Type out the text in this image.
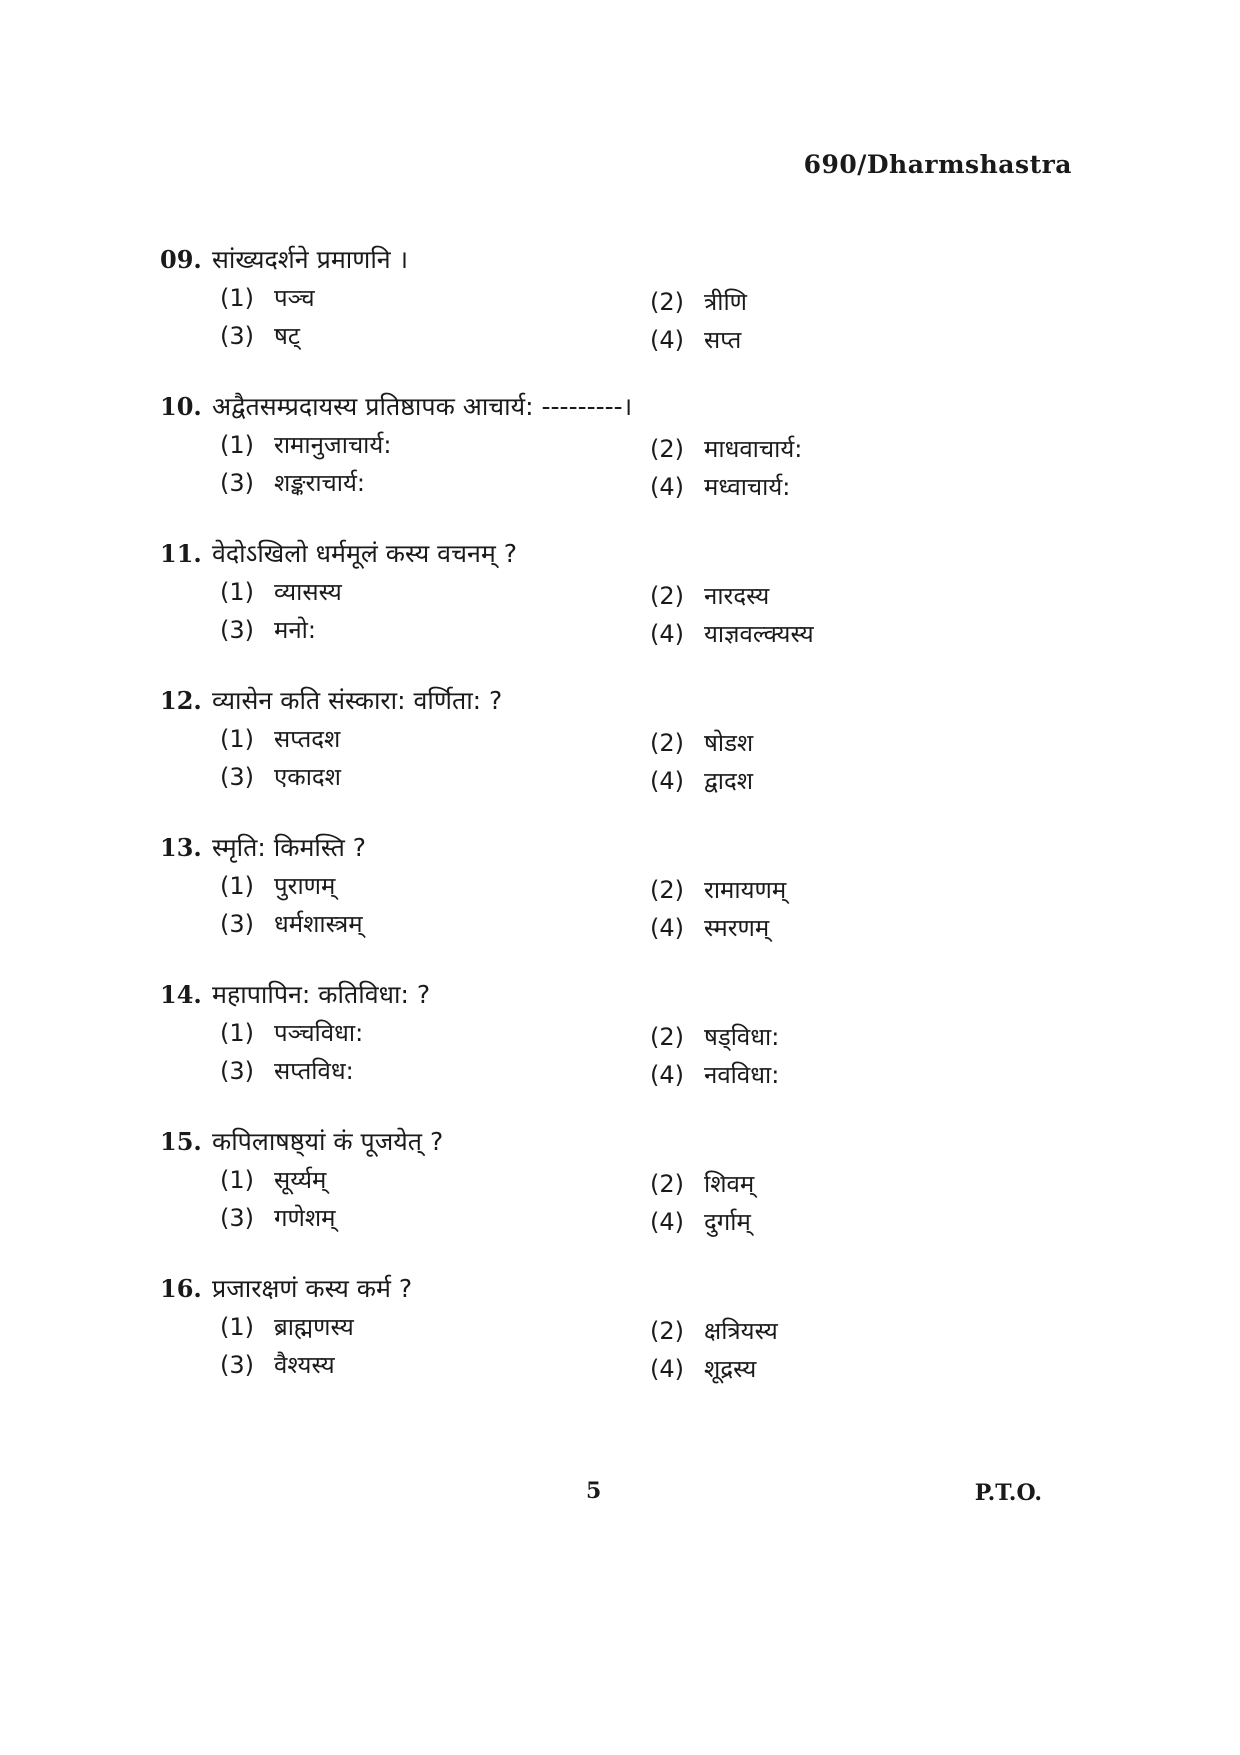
690/Dharmshastra
09. सांख्यदर्शने प्रमाणनि ।
(1) पञ्च	(2) त्रीणि
(3) षट्	(4) सप्त
10. अद्वैतसम्प्रदायस्य प्रतिष्ठापक आचार्य: ---------।
(1) रामानुजाचार्य:	(2) माधवाचार्य:
(3) शङ्कराचार्य:	(4) मध्वाचार्य:
11. वेदोऽखिलो धर्ममूलं कस्य वचनम् ?
(1) व्यासस्य	(2) नारदस्य
(3) मनो:	(4) याज्ञवल्क्यस्य
12. व्यासेन कति संस्कारा: वर्णिता: ?
(1) सप्तदश	(2) षोडश
(3) एकादश	(4) द्वादश
13. स्मृति: किमस्ति ?
(1) पुराणम्	(2) रामायणम्
(3) धर्मशास्त्रम्	(4) स्मरणम्
14. महापापिन: कतिविधा: ?
(1) पञ्चविधा:	(2) षड्विधा:
(3) सप्तविध:	(4) नवविधा:
15. कपिलाषष्ठ्यां कं पूजयेत् ?
(1) सूर्य्यम्	(2) शिवम्
(3) गणेशम्	(4) दुर्गाम्
16. प्रजारक्षणं कस्य कर्म ?
(1) ब्राह्मणस्य	(2) क्षत्रियस्य
(3) वैश्यस्य	(4) शूद्रस्य
5	P.T.O.
